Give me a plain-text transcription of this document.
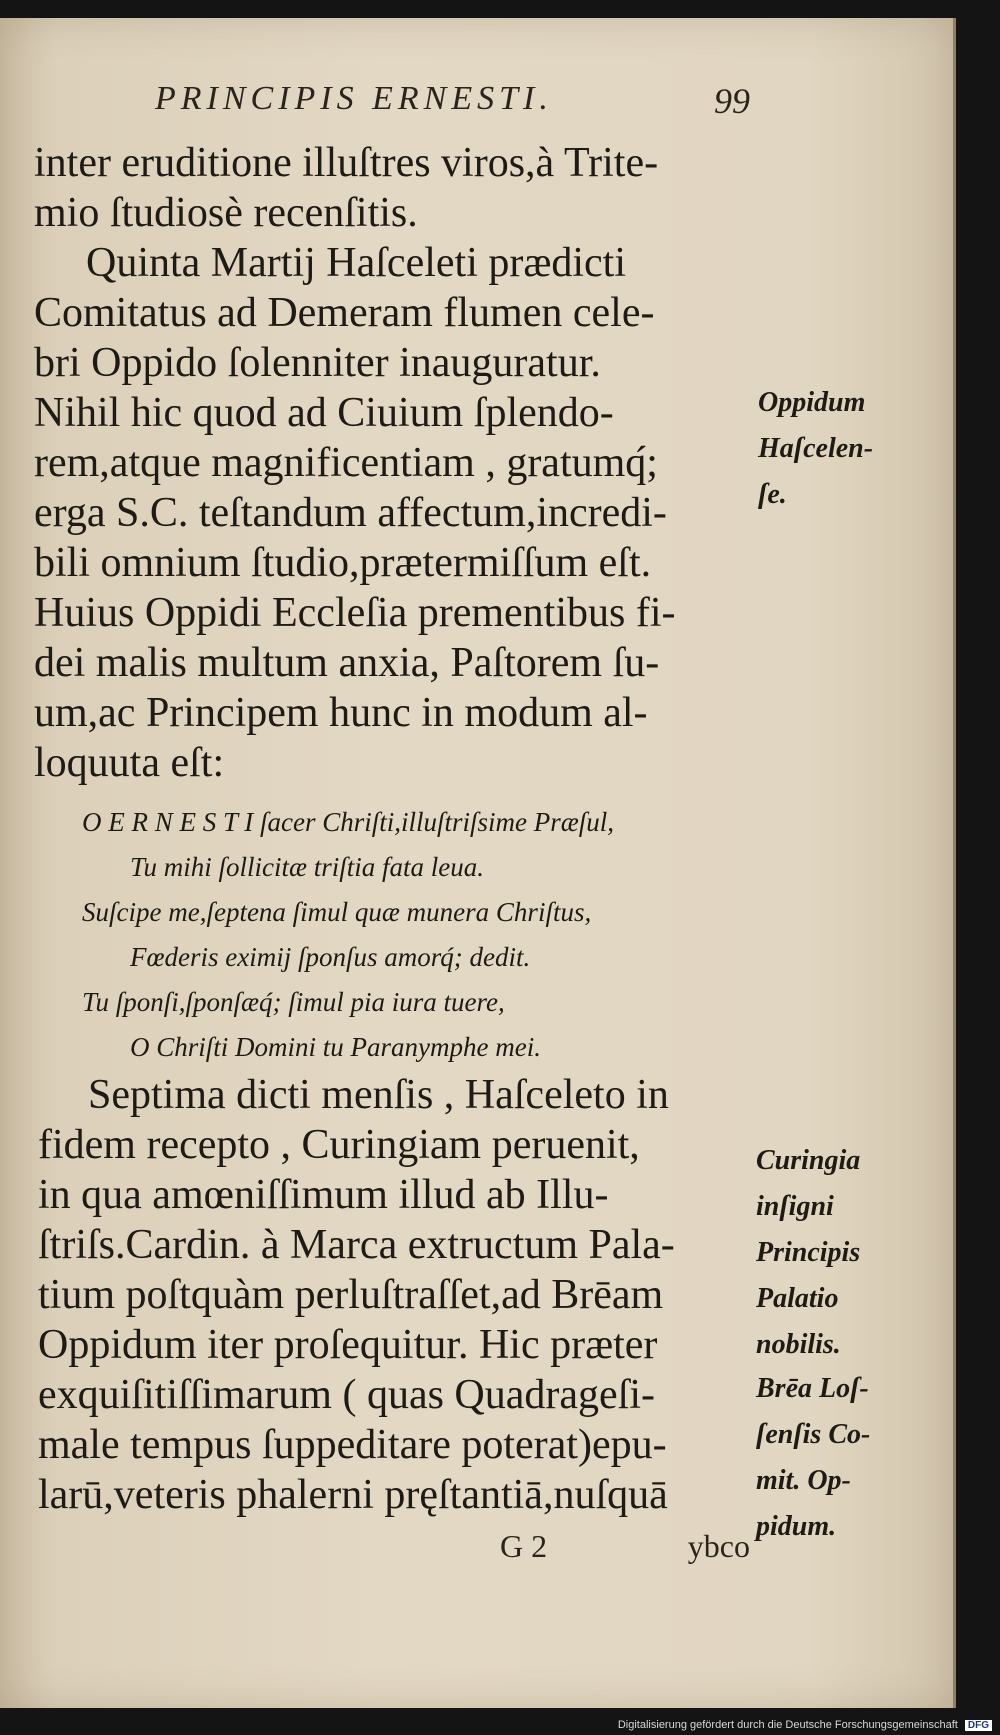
PRINCIPIS ERNESTI.	99

inter eruditione illuſtres viros,à Trite-

mio ſtudiosè recenſitis.

Quinta Martij Haſceleti prædicti

Comitatus ad Demeram flumen cele-

bri Oppido ſolenniter inauguratur.

Nihil hic quod ad Ciuium ſplendo-

rem,atque magnificentiam , gratumq́;

erga S.C. teſtandum affectum,incredi-

bili omnium ſtudio,prætermiſſum eſt.

Huius Oppidi Eccleſia prementibus fi-

dei malis multum anxia, Paſtorem ſu-

um,ac Principem hunc in modum al-

loquuta eſt:

O E R N E S T I ſacer Chriſti,illuſtriſsime Præſul,
Tu mihi ſollicitæ triſtia fata leua.
Suſcipe me,ſeptena ſimul quæ munera Chriſtus,
Fœderis eximij ſponſus amorq́; dedit.
Tu ſponſi,ſponſæq́; ſimul pia iura tuere,
O Chriſti Domini tu Paranymphe mei.

Septima dicti menſis , Haſceleto in

fidem recepto , Curingiam peruenit,

in qua amœniſſimum illud ab Illu-

ſtriſs.Cardin. à Marca extructum Pala-

tium poſtquàm perluſtraſſet,ad Brēam

Oppidum iter proſequitur. Hic præter

exquiſitiſſimarum ( quas Quadrageſi-

male tempus ſuppeditare poterat)epu-

larū,veteris phalerni pręſtantiā,nuſquā

G 2	ybco
Oppidum
Haſcelen-
ſe.
Curingia
inſigni
Principis
Palatio
nobilis.
Brēa Loſ-
ſenſis Co-
mit. Op-
pidum.
Digitalisierung gefördert durch die Deutsche Forschungsgemeinschaft DFG
